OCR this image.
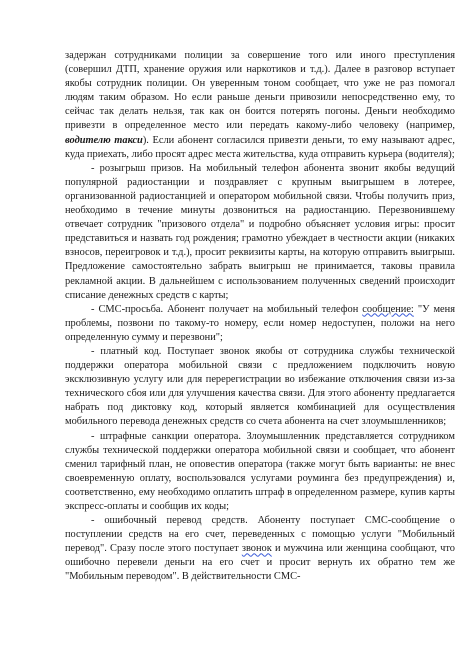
задержан сотрудниками полиции за совершение того или иного преступления (совершил ДТП, хранение оружия или наркотиков и т.д.). Далее в разговор вступает якобы сотрудник полиции. Он уверенным тоном сообщает, что уже не раз помогал людям таким образом. Но если раньше деньги привозили непосредственно ему, то сейчас так делать нельзя, так как он боится потерять погоны. Деньги необходимо привезти в определенное место или передать какому-либо человеку (например, водителю такси). Если абонент согласился привезти деньги, то ему называют адрес, куда приехать, либо просят адрес места жительства, куда отправить курьера (водителя);

- розыгрыш призов. На мобильный телефон абонента звонит якобы ведущий популярной радиостанции и поздравляет с крупным выигрышем в лотерее, организованной радиостанцией и оператором мобильной связи. Чтобы получить приз, необходимо в течение минуты дозвониться на радиостанцию. Перезвонившему отвечает сотрудник "призового отдела" и подробно объясняет условия игры: просит представиться и назвать год рождения; грамотно убеждает в честности акции (никаких взносов, переигровок и т.д.), просит реквизиты карты, на которую отправить выигрыш. Предложение самостоятельно забрать выигрыш не принимается, таковы правила рекламной акции. В дальнейшем с использованием полученных сведений происходит списание денежных средств с карты;

- СМС-просьба. Абонент получает на мобильный телефон сообщение: "У меня проблемы, позвони по такому-то номеру, если номер недоступен, положи на него определенную сумму и перезвони";

- платный код. Поступает звонок якобы от сотрудника службы технической поддержки оператора мобильной связи с предложением подключить новую эксклюзивную услугу или для перерегистрации во избежание отключения связи из-за технического сбоя или для улучшения качества связи. Для этого абоненту предлагается набрать под диктовку код, который является комбинацией для осуществления мобильного перевода денежных средств со счета абонента на счет злоумышленников;

- штрафные санкции оператора. Злоумышленник представляется сотрудником службы технической поддержки оператора мобильной связи и сообщает, что абонент сменил тарифный план, не оповестив оператора (также могут быть варианты: не внес своевременную оплату, воспользовался услугами роуминга без предупреждения) и, соответственно, ему необходимо оплатить штраф в определенном размере, купив карты экспресс-оплаты и сообщив их коды;

- ошибочный перевод средств. Абоненту поступает СМС-сообщение о поступлении средств на его счет, переведенных с помощью услуги "Мобильный перевод". Сразу после этого поступает звонок и мужчина или женщина сообщают, что ошибочно перевели деньги на его счет и просит вернуть их обратно тем же "Мобильным переводом". В действительности СМС-
